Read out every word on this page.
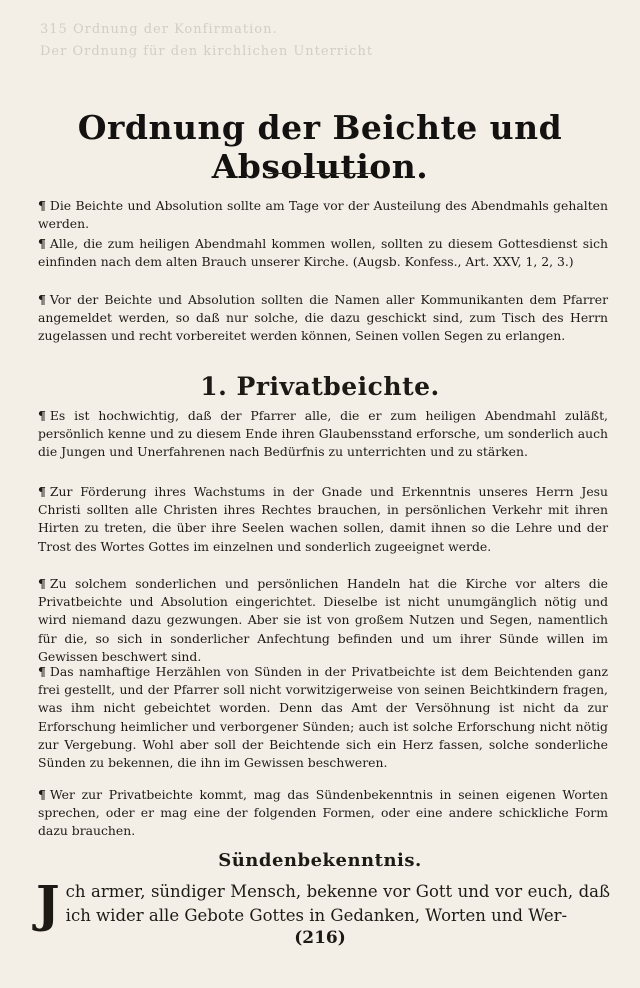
315 Ordnung der Konfirmation.
Der Ordnung für den kirchlichen Unterricht
Ordnung der Beichte und Absolution.
¶ Die Beichte und Absolution sollte am Tage vor der Austeilung des Abendmahls gehalten werden.
¶ Alle, die zum heiligen Abendmahl kommen wollen, sollten zu diesem Gottesdienst sich einfinden nach dem alten Brauch unserer Kirche. (Augsb. Konfess., Art. XXV, 1, 2, 3.)
¶ Vor der Beichte und Absolution sollten die Namen aller Kommunikanten dem Pfarrer angemeldet werden, so daß nur solche, die dazu geschickt sind, zum Tisch des Herrn zugelassen und recht vorbereitet werden können, Seinen vollen Segen zu erlangen.
1. Privatbeichte.
¶ Es ist hochwichtig, daß der Pfarrer alle, die er zum heiligen Abendmahl zuläßt, persönlich kenne und zu diesem Ende ihren Glaubensstand erforsche, um sonderlich auch die Jungen und Unerfahrenen nach Bedürfnis zu unterrichten und zu stärken.
¶ Zur Förderung ihres Wachstums in der Gnade und Erkenntnis unseres Herrn Jesu Christi sollten alle Christen ihres Rechtes brauchen, in persönlichen Verkehr mit ihren Hirten zu treten, die über ihre Seelen wachen sollen, damit ihnen so die Lehre und der Trost des Wortes Gottes im einzelnen und sonderlich zugeeignet werde.
¶ Zu solchem sonderlichen und persönlichen Handeln hat die Kirche vor alters die Privatbeichte und Absolution eingerichtet. Dieselbe ist nicht unumgänglich nötig und wird niemand dazu gezwungen. Aber sie ist von großem Nutzen und Segen, namentlich für die, so sich in sonderlicher Anfechtung befinden und um ihrer Sünde willen im Gewissen beschwert sind.
¶ Das namhaftige Herzählen von Sünden in der Privatbeichte ist dem Beichtenden ganz frei gestellt, und der Pfarrer soll nicht vorwitzigerweise von seinen Beichtkindern fragen, was ihm nicht gebeichtet worden. Denn das Amt der Versöhnung ist nicht da zur Erforschung heimlicher und verborgener Sünden; auch ist solche Erforschung nicht nötig zur Vergebung. Wohl aber soll der Beichtende sich ein Herz fassen, solche sonderliche Sünden zu bekennen, die ihn im Gewissen beschweren.
¶ Wer zur Privatbeichte kommt, mag das Sündenbekenntnis in seinen eigenen Worten sprechen, oder er mag eine der folgenden Formen, oder eine andere schickliche Form dazu brauchen.
Sündenbekenntnis.
Jch armer, sündiger Mensch, bekenne vor Gott und vor euch, daß ich wider alle Gebote Gottes in Gedanken, Worten und Wer-
(216)
